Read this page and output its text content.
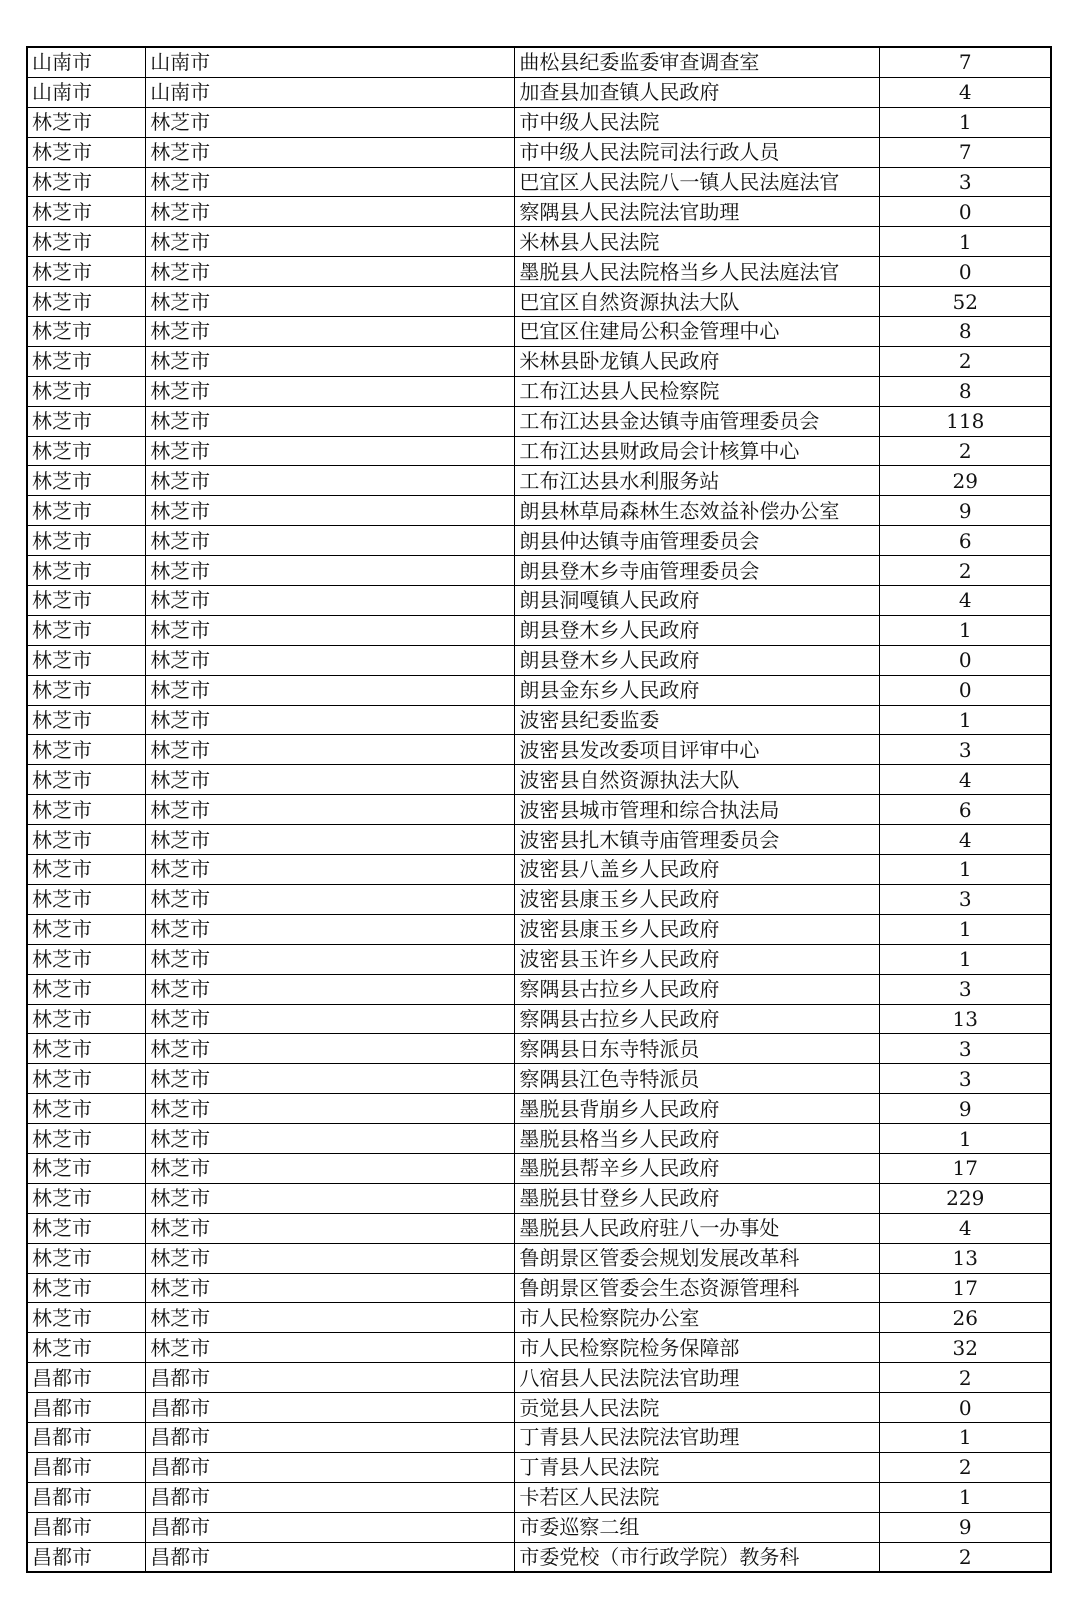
山南市	山南市	曲松县纪委监委审查调查室	7
山南市	山南市	加查县加查镇人民政府	4
林芝市	林芝市	市中级人民法院	1
林芝市	林芝市	市中级人民法院司法行政人员	7
林芝市	林芝市	巴宜区人民法院八一镇人民法庭法官	3
林芝市	林芝市	察隅县人民法院法官助理	0
林芝市	林芝市	米林县人民法院	1
林芝市	林芝市	墨脱县人民法院格当乡人民法庭法官	0
林芝市	林芝市	巴宜区自然资源执法大队	52
林芝市	林芝市	巴宜区住建局公积金管理中心	8
林芝市	林芝市	米林县卧龙镇人民政府	2
林芝市	林芝市	工布江达县人民检察院	8
林芝市	林芝市	工布江达县金达镇寺庙管理委员会	118
林芝市	林芝市	工布江达县财政局会计核算中心	2
林芝市	林芝市	工布江达县水利服务站	29
林芝市	林芝市	朗县林草局森林生态效益补偿办公室	9
林芝市	林芝市	朗县仲达镇寺庙管理委员会	6
林芝市	林芝市	朗县登木乡寺庙管理委员会	2
林芝市	林芝市	朗县洞嘎镇人民政府	4
林芝市	林芝市	朗县登木乡人民政府	1
林芝市	林芝市	朗县登木乡人民政府	0
林芝市	林芝市	朗县金东乡人民政府	0
林芝市	林芝市	波密县纪委监委	1
林芝市	林芝市	波密县发改委项目评审中心	3
林芝市	林芝市	波密县自然资源执法大队	4
林芝市	林芝市	波密县城市管理和综合执法局	6
林芝市	林芝市	波密县扎木镇寺庙管理委员会	4
林芝市	林芝市	波密县八盖乡人民政府	1
林芝市	林芝市	波密县康玉乡人民政府	3
林芝市	林芝市	波密县康玉乡人民政府	1
林芝市	林芝市	波密县玉许乡人民政府	1
林芝市	林芝市	察隅县古拉乡人民政府	3
林芝市	林芝市	察隅县古拉乡人民政府	13
林芝市	林芝市	察隅县日东寺特派员	3
林芝市	林芝市	察隅县江色寺特派员	3
林芝市	林芝市	墨脱县背崩乡人民政府	9
林芝市	林芝市	墨脱县格当乡人民政府	1
林芝市	林芝市	墨脱县帮辛乡人民政府	17
林芝市	林芝市	墨脱县甘登乡人民政府	229
林芝市	林芝市	墨脱县人民政府驻八一办事处	4
林芝市	林芝市	鲁朗景区管委会规划发展改革科	13
林芝市	林芝市	鲁朗景区管委会生态资源管理科	17
林芝市	林芝市	市人民检察院办公室	26
林芝市	林芝市	市人民检察院检务保障部	32
昌都市	昌都市	八宿县人民法院法官助理	2
昌都市	昌都市	贡觉县人民法院	0
昌都市	昌都市	丁青县人民法院法官助理	1
昌都市	昌都市	丁青县人民法院	2
昌都市	昌都市	卡若区人民法院	1
昌都市	昌都市	市委巡察二组	9
昌都市	昌都市	市委党校（市行政学院）教务科	2
